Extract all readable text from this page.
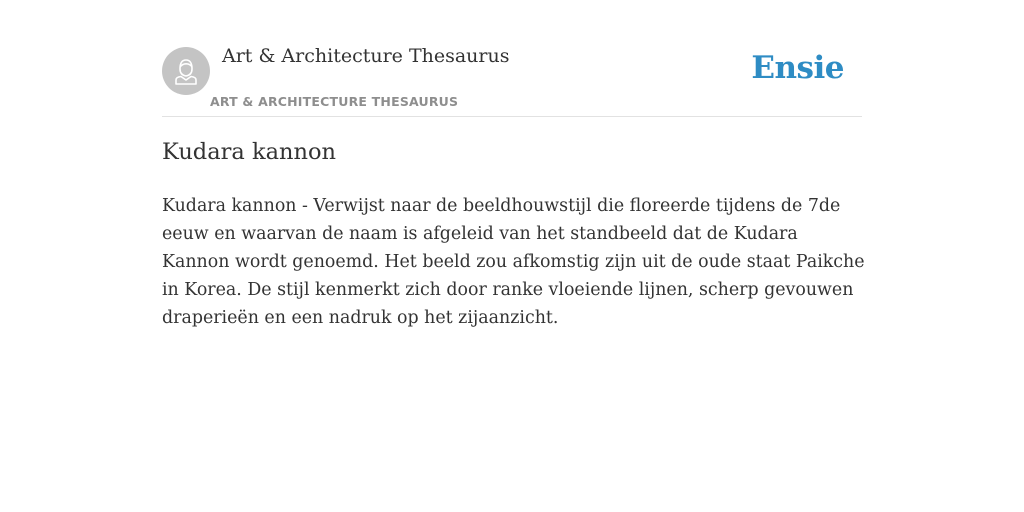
Art & Architecture Thesaurus
ART & ARCHITECTURE THESAURUS
Ensie
Kudara kannon

Kudara kannon - Verwijst naar de beeldhouwstijl die floreerde tijdens de 7de eeuw en waarvan de naam is afgeleid van het standbeeld dat de Kudara Kannon wordt genoemd. Het beeld zou afkomstig zijn uit de oude staat Paikche in Korea. De stijl kenmerkt zich door ranke vloeiende lijnen, scherp gevouwen draperieën en een nadruk op het zijaanzicht.
